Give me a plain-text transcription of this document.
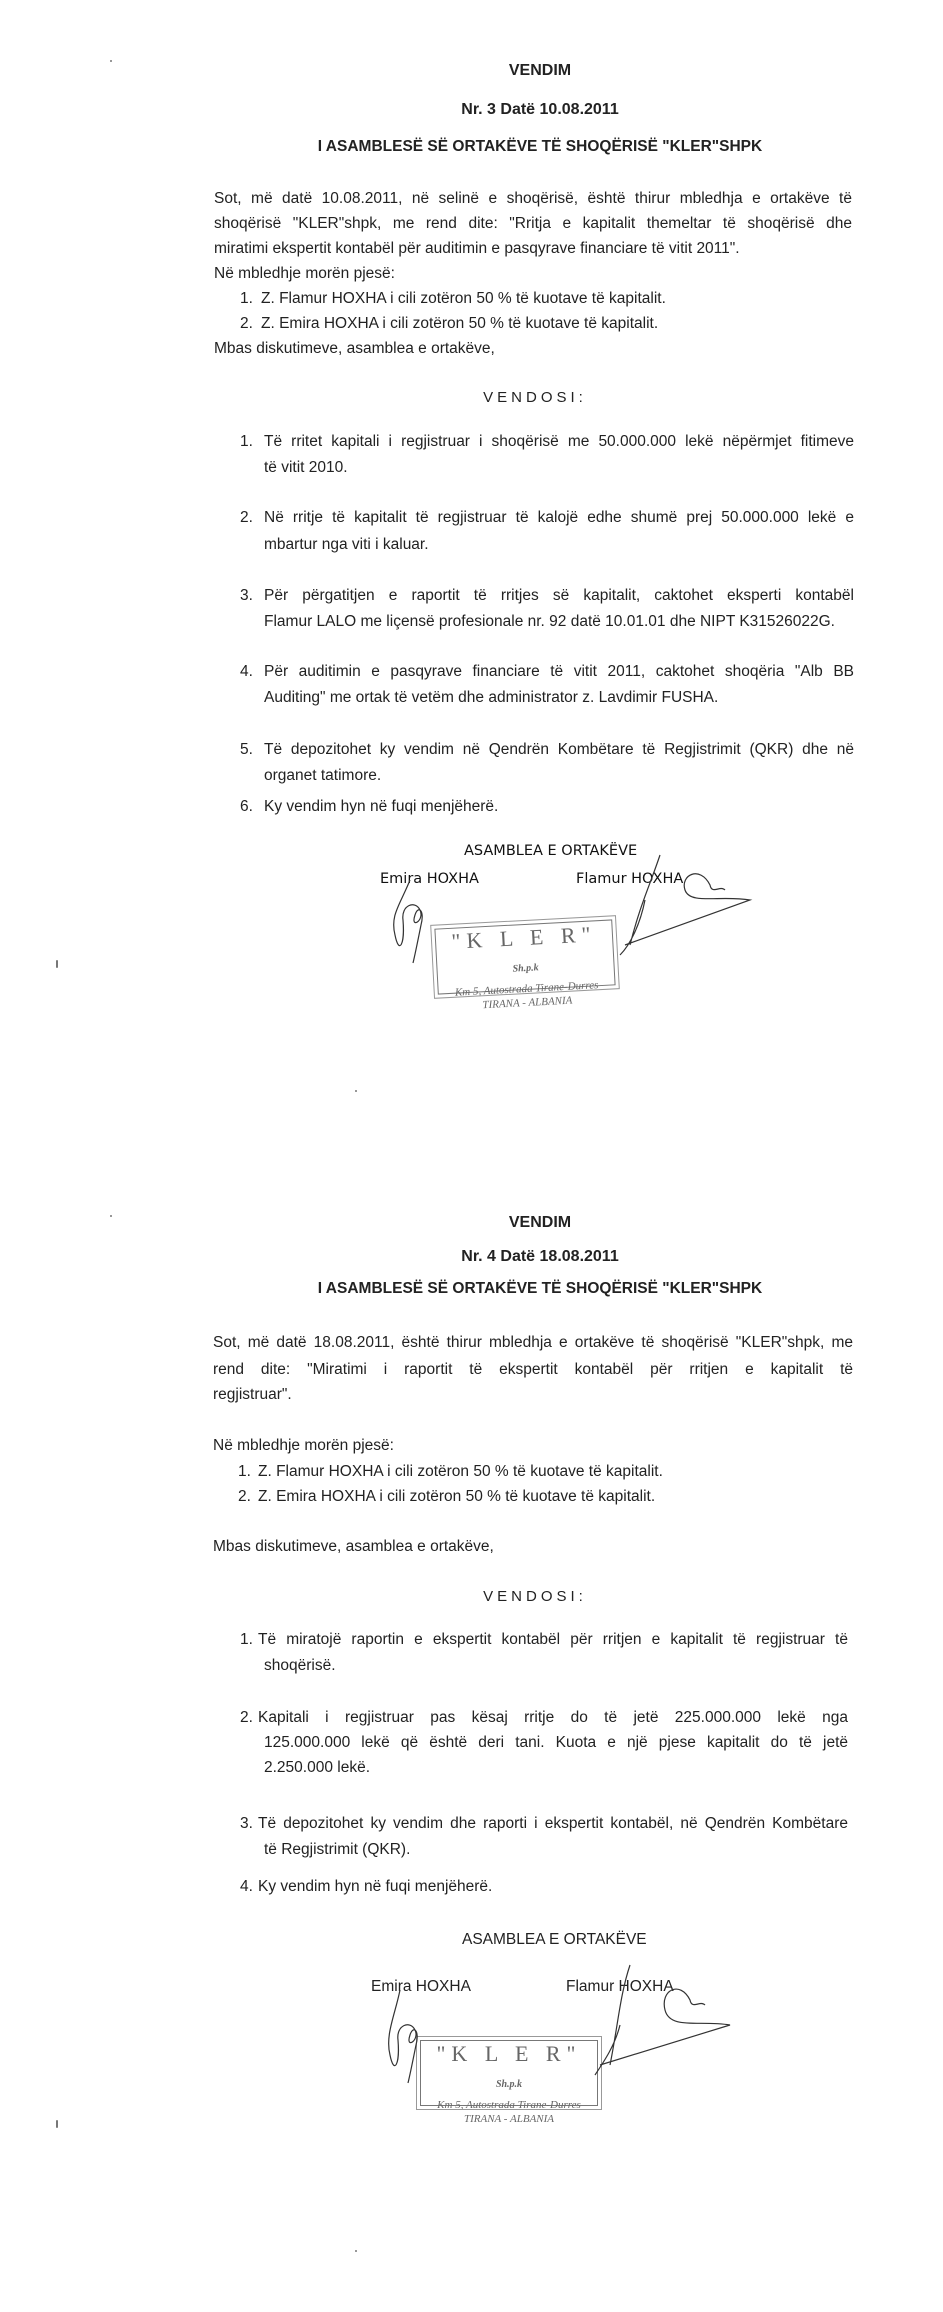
VENDIM
Nr. 3 Datë 10.08.2011
I ASAMBLESË SË ORTAKËVE TË SHOQËRISË "KLER"SHPK
Sot, më datë 10.08.2011, në selinë e shoqërisë, është thirur mbledhja e ortakëve të
shoqërisë "KLER"shpk, me rend dite: "Rritja e kapitalit themeltar të shoqërisë dhe
miratimi ekspertit kontabël për auditimin e pasqyrave financiare të vitit 2011".
Në mbledhje morën pjesë:
1. Z. Flamur HOXHA i cili zotëron 50 % të kuotave të kapitalit.
2. Z. Emira HOXHA i cili zotëron 50 % të kuotave të kapitalit.
Mbas diskutimeve, asamblea e ortakëve,
VENDOSI:
1. Të rritet kapitali i regjistruar i shoqërisë me 50.000.000 lekë nëpërmjet fitimeve
të vitit 2010.
2. Në rritje të kapitalit të regjistruar të kalojë edhe shumë prej 50.000.000 lekë e
mbartur nga viti i kaluar.
3. Për përgatitjen e raportit të rritjes së kapitalit, caktohet eksperti kontabël
Flamur LALO me liçensë profesionale nr. 92 datë 10.01.01 dhe NIPT K31526022G.
4. Për auditimin e pasqyrave financiare të vitit 2011, caktohet shoqëria "Alb BB
Auditing" me ortak të vetëm dhe administrator z. Lavdimir FUSHA.
5. Të depozitohet ky vendim në Qendrën Kombëtare të Regjistrimit (QKR) dhe në
organet tatimore.
6. Ky vendim hyn në fuqi menjëherë.
ASAMBLEA E ORTAKËVE
Emira HOXHA	Flamur HOXHA
"K L E R" Sh.p.k
Km 5, Autostrada Tirane-Durres
TIRANA - ALBANIA
VENDIM
Nr. 4 Datë 18.08.2011
I ASAMBLESË SË ORTAKËVE TË SHOQËRISË "KLER"SHPK
Sot, më datë 18.08.2011, është thirur mbledhja e ortakëve të shoqërisë "KLER"shpk, me
rend dite: "Miratimi i raportit të ekspertit kontabël për rritjen e kapitalit të
regjistruar".
Në mbledhje morën pjesë:
1. Z. Flamur HOXHA i cili zotëron 50 % të kuotave të kapitalit.
2. Z. Emira HOXHA i cili zotëron 50 % të kuotave të kapitalit.
Mbas diskutimeve, asamblea e ortakëve,
VENDOSI:
1. Të miratojë raportin e ekspertit kontabël për rritjen e kapitalit të regjistruar të
shoqërisë.
2. Kapitali i regjistruar pas kësaj rritje do të jetë 225.000.000 lekë nga
125.000.000 lekë që është deri tani. Kuota e një pjese kapitalit do të jetë
2.250.000 lekë.
3. Të depozitohet ky vendim dhe raporti i ekspertit kontabël, në Qendrën Kombëtare
të Regjistrimit (QKR).
4. Ky vendim hyn në fuqi menjëherë.
ASAMBLEA E ORTAKËVE
Emira HOXHA	Flamur HOXHA
"K L E R" Sh.p.k
Km 5, Autostrada Tirane-Durres
TIRANA - ALBANIA
